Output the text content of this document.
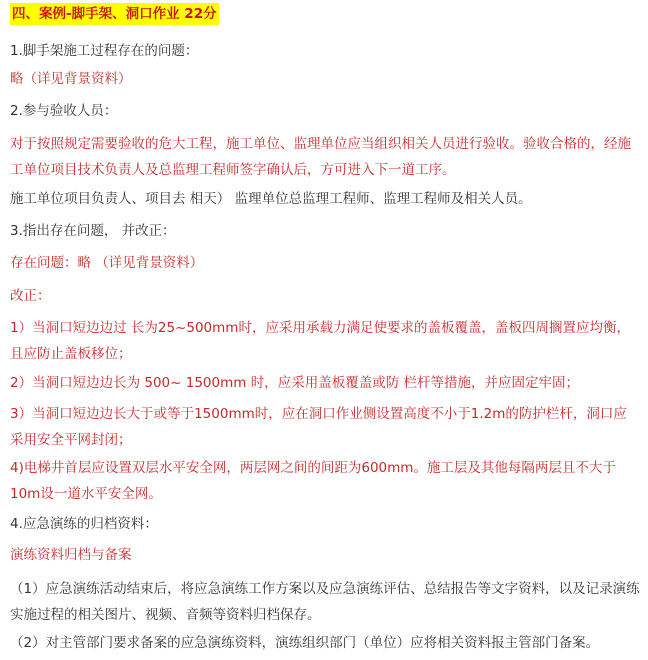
四、案例-脚手架、洞口作业 22分
1.脚手架施工过程存在的问题：
略（详见背景资料）
2.参与验收人员：
对于按照规定需要验收的危大工程，施工单位、监理单位应当组织相关人员进行验收。验收合格的，经施工单位项目技术负责人及总监理工程师签字确认后，方可进入下一道工序。
施工单位项目负责人、项目去 相天） 监理单位总监理工程师、监理工程师及相关人员。
3.指出存在问题， 并改正：
存在问题：略 （详见背景资料）
改正：
1）当洞口短边边过 长为25~500mm时，应采用承载力满足使要求的盖板覆盖，盖板四周搁置应均衡， 且应防止盖板移位；
2）当洞口短边边长为 500~ 1500mm 时，应采用盖板覆盖或防 栏杆等措施，并应固定牢固；
3）当洞口短边边长大于或等于1500mm时，应在洞口作业侧设置高度不小于1.2m的防护栏杆，洞口应采用安全平网封闭；
4)电梯井首层应设置双层水平安全网，两层网之间的间距为600mm。施工层及其他每隔两层且不大于10m设一道水平安全网。
4.应急演练的归档资料：
演练资料归档与备案
（1）应急演练活动结束后，将应急演练工作方案以及应急演练评估、总结报告等文字资料，以及记录演练实施过程的相关图片、视频、音频等资料归档保存。
（2）对主管部门要求备案的应急演练资料，演练组织部门（单位）应将相关资料报主管部门备案。
